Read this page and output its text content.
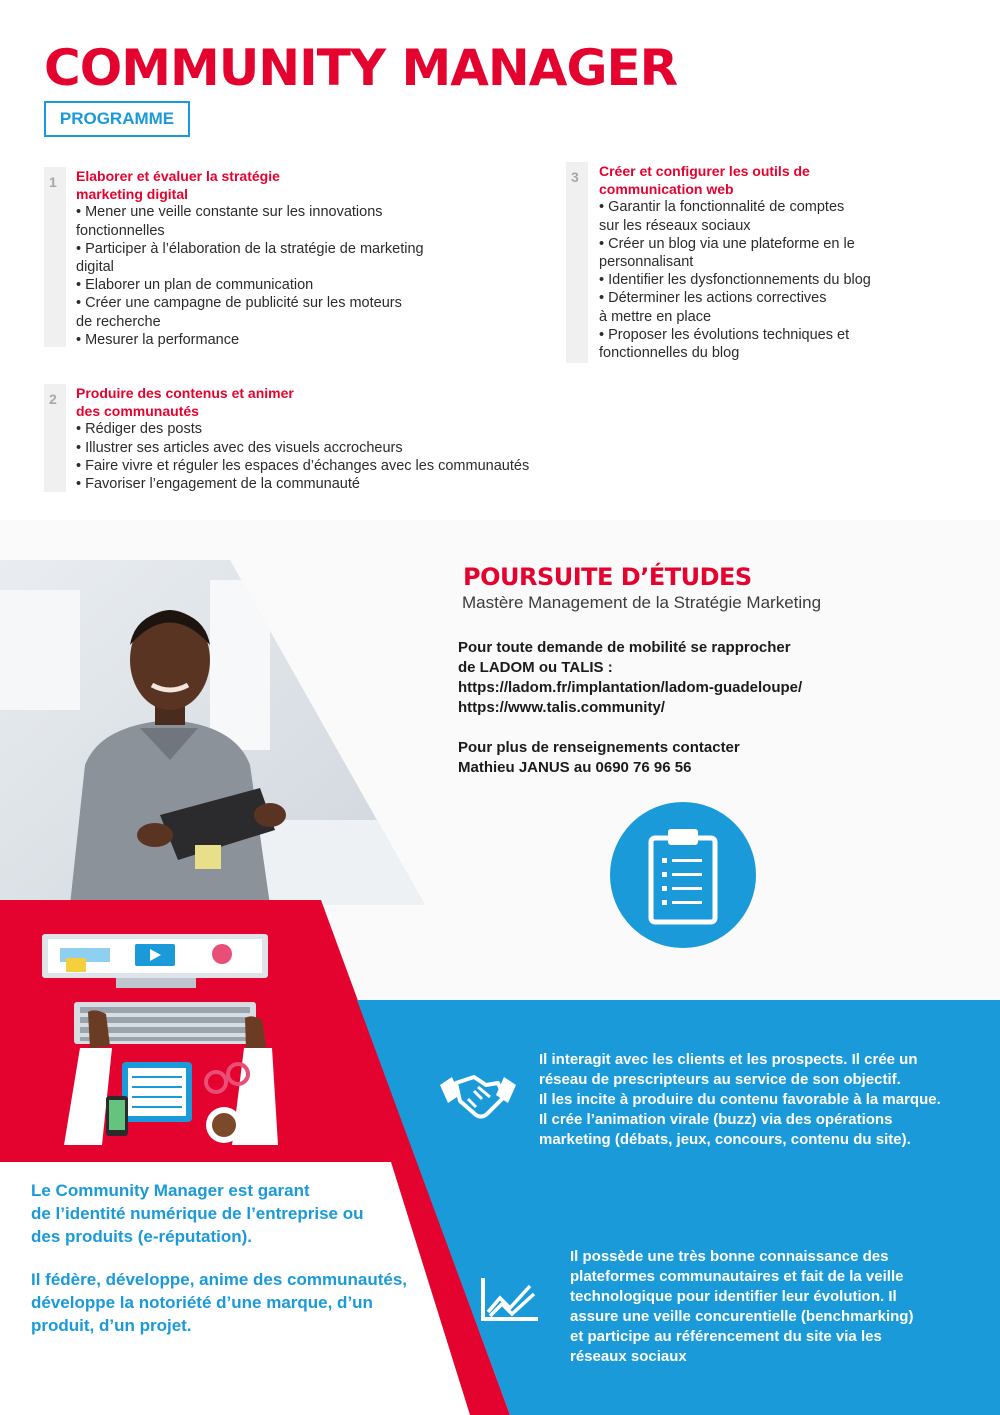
COMMUNITY MANAGER
PROGRAMME
1 Elaborer et évaluer la stratégie
marketing digital
• Mener une veille constante sur les innovations
fonctionnelles
• Participer à l’élaboration de la stratégie de marketing
digital
• Elaborer un plan de communication
• Créer une campagne de publicité sur les moteurs
de recherche
• Mesurer la performance
2 Produire des contenus et animer
des communautés
• Rédiger des posts
• Illustrer ses articles avec des visuels accrocheurs
• Faire vivre et réguler les espaces d’échanges avec les communautés
• Favoriser l’engagement de la communauté
3 Créer et configurer les outils de
communication web
• Garantir la fonctionnalité de comptes
sur les réseaux sociaux
• Créer un blog via une plateforme en le
personnalisant
• Identifier les dysfonctionnements du blog
• Déterminer les actions correctives
à mettre en place
• Proposer les évolutions techniques et
fonctionnelles du blog
POURSUITE D’ÉTUDES
Mastère Management de la Stratégie Marketing
Pour toute demande de mobilité se rapprocher
de LADOM ou TALIS :
https://ladom.fr/implantation/ladom-guadeloupe/
https://www.talis.community/
Pour plus de renseignements contacter
Mathieu JANUS au 0690 76 96 56
Le Community Manager est garant
de l’identité numérique de l’entreprise ou
des produits (e-réputation).
Il fédère, développe, anime des communautés,
développe la notoriété d’une marque, d’un
produit, d’un projet.
Il interagit avec les clients et les prospects. Il crée un
réseau de prescripteurs au service de son objectif.
Il les incite à produire du contenu favorable à la marque.
Il crée l’animation virale (buzz) via des opérations
marketing (débats, jeux, concours, contenu du site).
Il possède une très bonne connaissance des
plateformes communautaires et fait de la veille
technologique pour identifier leur évolution. Il
assure une veille concurentielle (benchmarking)
et participe au référencement du site via les
réseaux sociaux
